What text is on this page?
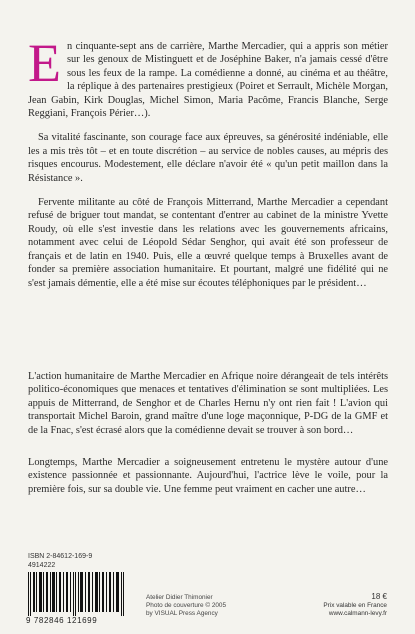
En cinquante-sept ans de carrière, Marthe Mercadier, qui a appris son métier sur les genoux de Mistinguett et de Joséphine Baker, n'a jamais cessé d'être sous les feux de la rampe. La comédienne a donné, au cinéma et au théâtre, la réplique à des partenaires prestigieux (Poiret et Serrault, Michèle Morgan, Jean Gabin, Kirk Douglas, Michel Simon, Maria Pacôme, Francis Blanche, Serge Reggiani, François Périer…).

Sa vitalité fascinante, son courage face aux épreuves, sa générosité indéniable, elle les a mis très tôt – et en toute discrétion – au service de nobles causes, au mépris des risques encourus. Modestement, elle déclare n'avoir été « qu'un petit maillon dans la Résistance ».

Fervente militante au côté de François Mitterrand, Marthe Mercadier a cependant refusé de briguer tout mandat, se contentant d'entrer au cabinet de la ministre Yvette Roudy, où elle s'est investie dans les relations avec les gouvernements africains, notamment avec celui de Léopold Sédar Senghor, qui avait été son professeur de français et de latin en 1940. Puis, elle a œuvré quelque temps à Bruxelles avant de fonder sa première association humanitaire. Et pourtant, malgré une fidélité qui ne s'est jamais démentie, elle a été mise sur écoutes téléphoniques par le président…

L'action humanitaire de Marthe Mercadier en Afrique noire dérangeait de tels intérêts politico-économiques que menaces et tentatives d'élimination se sont multipliées. Les appuis de Mitterrand, de Senghor et de Charles Hernu n'y ont rien fait ! L'avion qui transportait Michel Baroin, grand maître d'une loge maçonnique, P-DG de la GMF et de la Fnac, s'est écrasé alors que la comédienne devait se trouver à son bord…

Longtemps, Marthe Mercadier a soigneusement entretenu le mystère autour d'une existence passionnée et passionnante. Aujourd'hui, l'actrice lève le voile, pour la première fois, sur sa double vie. Une femme peut vraiment en cacher une autre…

ISBN 2-84612-169-9
4914222
9 782846 121699
Atelier Didier Thimonier
Photo de couverture © 2005
by VISUAL Press Agency
18 €
Prix valable en France
www.calmann-levy.fr
